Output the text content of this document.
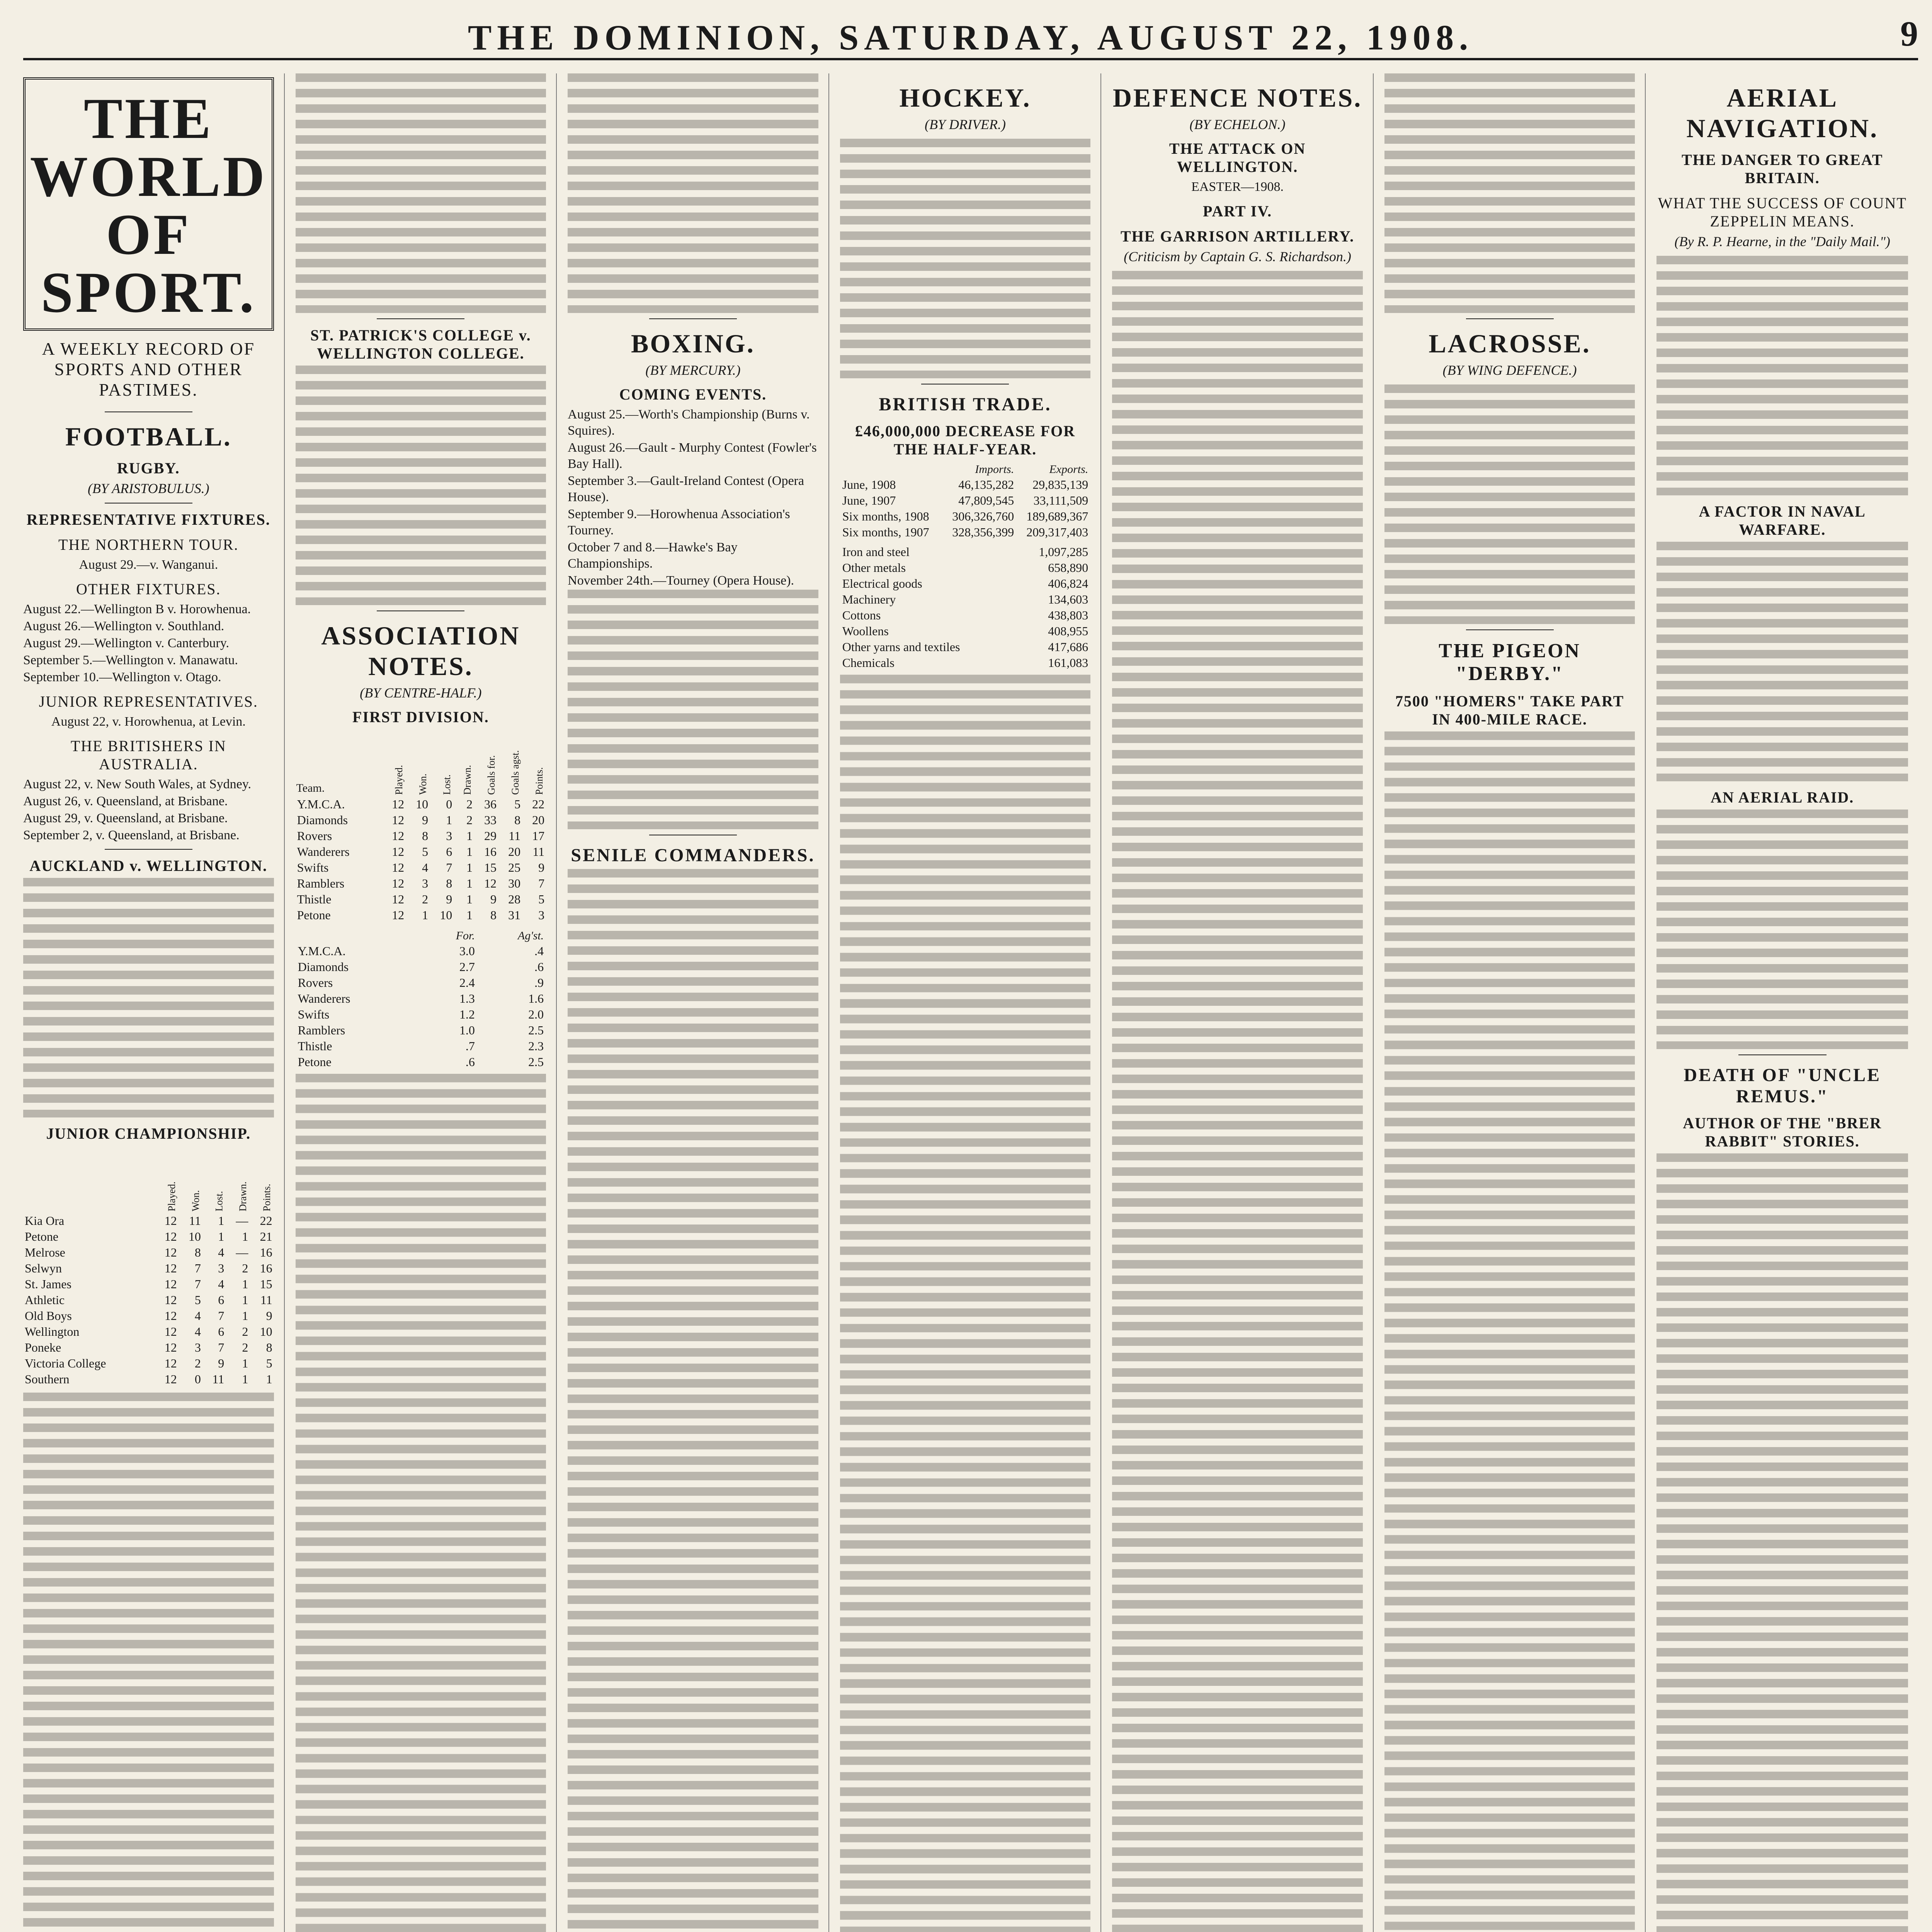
THE DOMINION, SATURDAY, AUGUST 22, 1908.	9
THE WORLD OF SPORT.
A WEEKLY RECORD OF SPORTS AND OTHER PASTIMES.
FOOTBALL.
RUGBY.
(BY ARISTOBULUS.)
REPRESENTATIVE FIXTURES.
THE NORTHERN TOUR.
August 29.—v. Wanganui.
OTHER FIXTURES.
August 22.—Wellington B v. Horowhenua.
August 26.—Wellington v. Southland.
August 29.—Wellington v. Canterbury.
September 5.—Wellington v. Manawatu.
September 10.—Wellington v. Otago.
JUNIOR REPRESENTATIVES.
August 22, v. Horowhenua, at Levin.
THE BRITISHERS IN AUSTRALIA.
August 22, v. New South Wales, at Sydney.
August 26, v. Queensland, at Brisbane.
August 29, v. Queensland, at Brisbane.
September 2, v. Queensland, at Brisbane.
AUCKLAND v. WELLINGTON.
JUNIOR CHAMPIONSHIP.
	Played.	Won.	Lost.	Drawn.	Points.
Kia Ora	12	11	1	—	22
Petone	12	10	1	1	21
Melrose	12	8	4	—	16
Selwyn	12	7	3	2	16
St. James	12	7	4	1	15
Athletic	12	5	6	1	11
Old Boys	12	4	7	1	9
Wellington	12	4	6	2	10
Poneke	12	3	7	2	8
Victoria College	12	2	9	1	5
Southern	12	0	11	1	1
ST. PATRICK'S COLLEGE v. WELLINGTON COLLEGE.
ASSOCIATION NOTES.
(BY CENTRE-HALF.)
FIRST DIVISION.
Team.	Played.	Won.	Lost.	Drawn.	Goals for.	Goals agst.	Points.
Y.M.C.A.	12	10	0	2	36	5	22
Diamonds	12	9	1	2	33	8	20
Rovers	12	8	3	1	29	11	17
Wanderers	12	5	6	1	16	20	11
Swifts	12	4	7	1	15	25	9
Ramblers	12	3	8	1	12	30	7
Thistle	12	2	9	1	9	28	5
Petone	12	1	10	1	8	31	3
	For.	Ag'st.
Y.M.C.A.	3.0	.4
Diamonds	2.7	.6
Rovers	2.4	.9
Wanderers	1.3	1.6
Swifts	1.2	2.0
Ramblers	1.0	2.5
Thistle	.7	2.3
Petone	.6	2.5
BOXING.
(BY MERCURY.)
COMING EVENTS.
August 25.—Worth's Championship (Burns v. Squires).
August 26.—Gault - Murphy Contest (Fowler's Bay Hall).
September 3.—Gault-Ireland Contest (Opera House).
September 9.—Horowhenua Association's Tourney.
October 7 and 8.—Hawke's Bay Championships.
November 24th.—Tourney (Opera House).
SENILE COMMANDERS.
HOCKEY.
(BY DRIVER.)
BRITISH TRADE.
£46,000,000 DECREASE FOR THE HALF-YEAR.
	Imports.	Exports.
June, 1908	46,135,282	29,835,139
June, 1907	47,809,545	33,111,509
Six months, 1908	306,326,760	189,689,367
Six months, 1907	328,356,399	209,317,403
Iron and steel	1,097,285
Other metals	658,890
Electrical goods	406,824
Machinery	134,603
Cottons	438,803
Woollens	408,955
Other yarns and textiles	417,686
Chemicals	161,083
DEFENCE NOTES.
(BY ECHELON.)
THE ATTACK ON WELLINGTON.
EASTER—1908.
PART IV.
THE GARRISON ARTILLERY.
(Criticism by Captain G. S. Richardson.)
LACROSSE.
(BY WING DEFENCE.)
THE PIGEON "DERBY."
7500 "HOMERS" TAKE PART IN 400-MILE RACE.
AERIAL NAVIGATION.
THE DANGER TO GREAT BRITAIN.
WHAT THE SUCCESS OF COUNT ZEPPELIN MEANS.
(By R. P. Hearne, in the "Daily Mail.")
A FACTOR IN NAVAL WARFARE.
AN AERIAL RAID.
DEATH OF "UNCLE REMUS."
AUTHOR OF THE "BRER RABBIT" STORIES.
